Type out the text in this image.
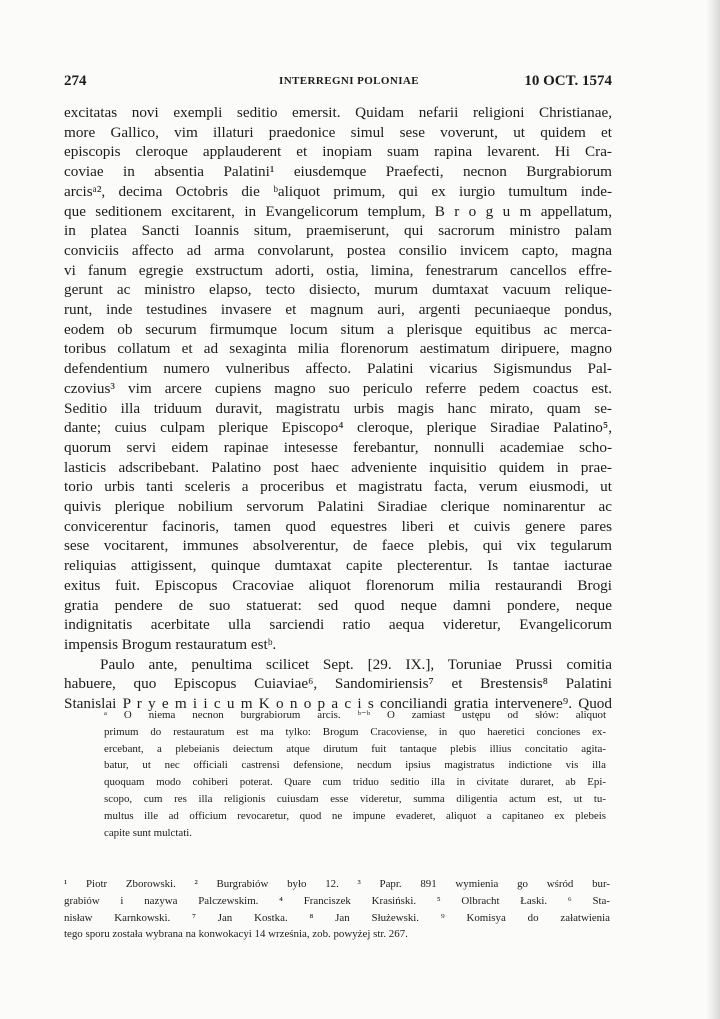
274	INTERREGNI POLONIAE	10 OCT. 1574

excitatas novi exempli seditio emersit. Quidam nefarii religioni Christianae,

more Gallico, vim illaturi praedonice simul sese voverunt, ut quidem et

episcopis cleroque applauderent et inopiam suam rapina levarent. Hi Cra-

coviae in absentia Palatini¹ eiusdemque Praefecti, necnon Burgrabiorum

arcisᵃ², decima Octobris die ᵇaliquot primum, qui ex iurgio tumultum inde-

que seditionem excitarent, in Evangelicorum templum, B r o g u m appellatum,

in platea Sancti Ioannis situm, praemiserunt, qui sacrorum ministro palam

conviciis affecto ad arma convolarunt, postea consilio invicem capto, magna

vi fanum egregie exstructum adorti, ostia, limina, fenestrarum cancellos effre-

gerunt ac ministro elapso, tecto disiecto, murum dumtaxat vacuum relique-

runt, inde testudines invasere et magnum auri, argenti pecuniaeque pondus,

eodem ob securum firmumque locum situm a plerisque equitibus ac merca-

toribus collatum et ad sexaginta milia florenorum aestimatum diripuere, magno

defendentium numero vulneribus affecto. Palatini vicarius Sigismundus Pal-

czovius³ vim arcere cupiens magno suo periculo referre pedem coactus est.

Seditio illa triduum duravit, magistratu urbis magis hanc mirato, quam se-

dante; cuius culpam plerique Episcopo⁴ cleroque, plerique Siradiae Palatino⁵,

quorum servi eidem rapinae intesesse ferebantur, nonnulli academiae scho-

lasticis adscribebant. Palatino post haec adveniente inquisitio quidem in prae-

torio urbis tanti sceleris a proceribus et magistratu facta, verum eiusmodi, ut

quivis plerique nobilium servorum Palatini Siradiae clerique nominarentur ac

convicerentur facinoris, tamen quod equestres liberi et cuivis genere pares

sese vocitarent, immunes absolverentur, de faece plebis, qui vix tegularum

reliquias attigissent, quinque dumtaxat capite plecterentur. Is tantae iacturae

exitus fuit. Episcopus Cracoviae aliquot florenorum milia restaurandi Brogi

gratia pendere de suo statuerat: sed quod neque damni pondere, neque

indignitatis acerbitate ulla sarciendi ratio aequa videretur, Evangelicorum

impensis Brogum restauratum estᵇ.

Paulo ante, penultima scilicet Sept. [29. IX.], Toruniae Prussi comitia

habuere, quo Episcopus Cuiaviae⁶, Sandomiriensis⁷ et Brestensis⁸ Palatini

Stanislai P r y e m i i c u m K o n o p a c i s conciliandi gratia intervenere⁹. Quod

ᵃ O niema necnon burgrabiorum arcis. ᵇ⁻ᵇ O zamiast ustępu od słów: aliquot

primum do restauratum est ma tylko: Brogum Cracoviense, in quo haeretici conciones ex-

ercebant, a plebeianis deiectum atque dirutum fuit tantaque plebis illius concitatio agita-

batur, ut nec officiali castrensi defensione, necdum ipsius magistratus indictione vis illa

quoquam modo cohiberi poterat. Quare cum triduo seditio illa in civitate duraret, ab Epi-

scopo, cum res illa religionis cuiusdam esse videretur, summa diligentia actum est, ut tu-

multus ille ad officium revocaretur, quod ne impune evaderet, aliquot a capitaneo ex plebeis

capite sunt mulctati.

¹ Piotr Zborowski. ² Burgrabiów było 12. ³ Papr. 891 wymienia go wśród bur-

grabiów i nazywa Palczewskim. ⁴ Franciszek Krasiński. ⁵ Olbracht Łaski. ⁶ Sta-

nisław Karnkowski. ⁷ Jan Kostka. ⁸ Jan Służewski. ⁹ Komisya do załatwienia

tego sporu została wybrana na konwokacyi 14 września, zob. powyżej str. 267.
